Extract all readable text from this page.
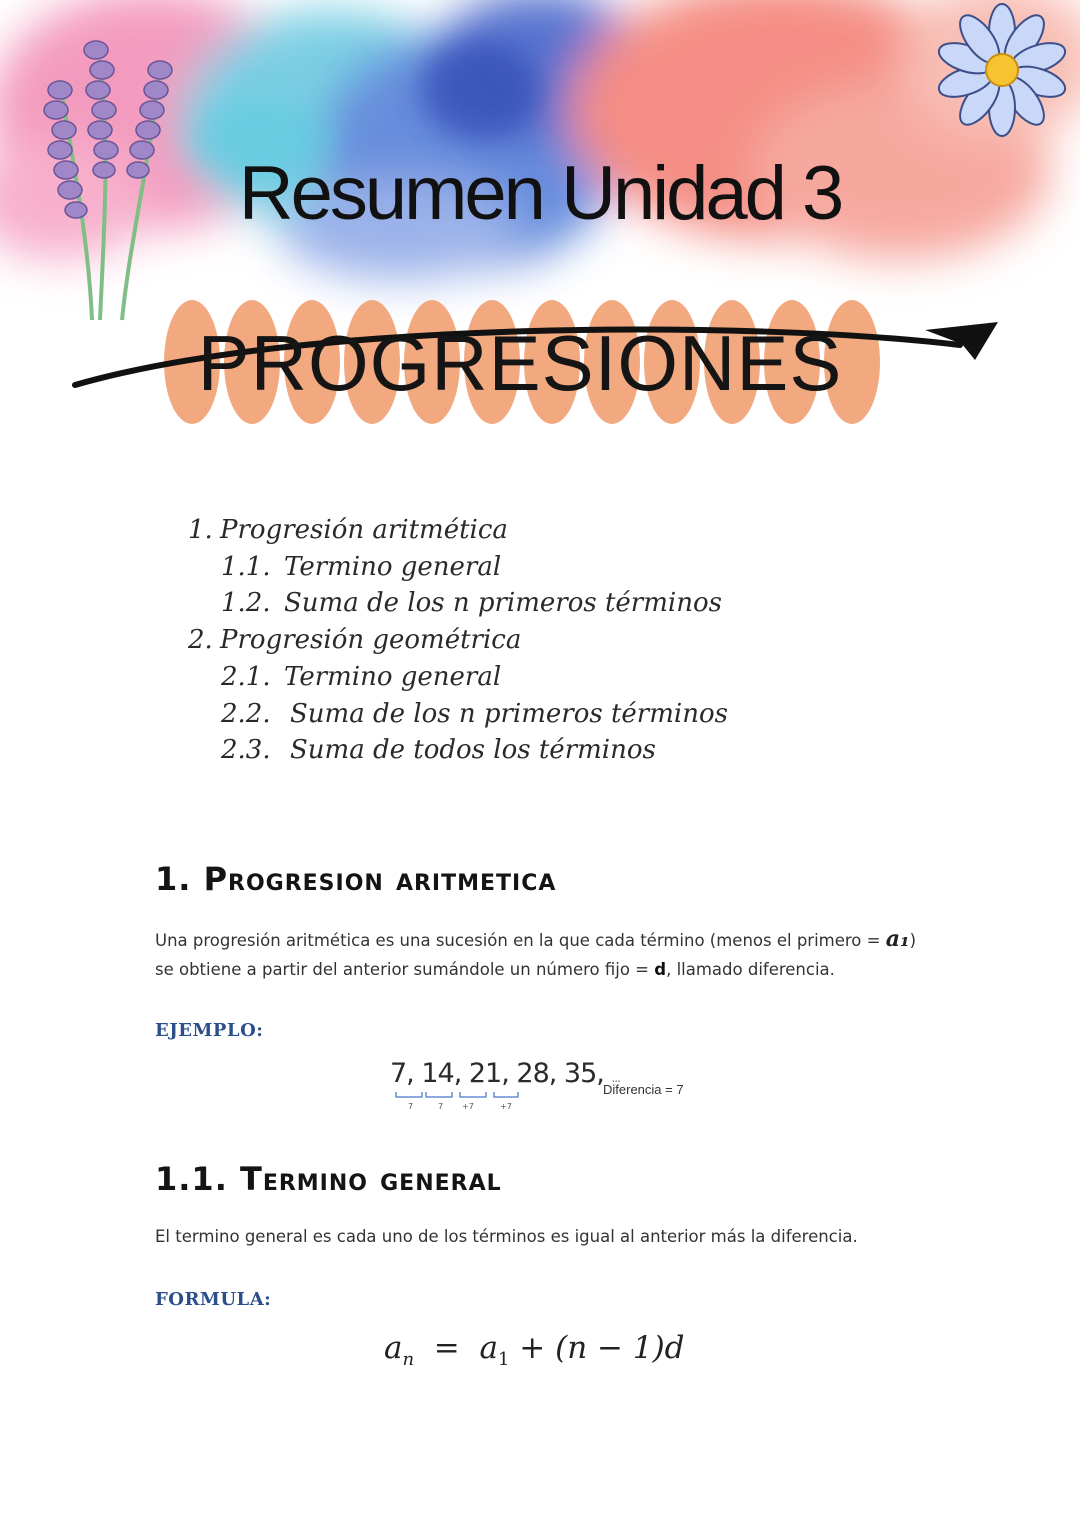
Resumen Unidad 3
PROGRESIONES
1. Progresión aritmética
1.1. Termino general
1.2. Suma de los n primeros términos
2. Progresión geométrica
2.1. Termino general
2.2. Suma de los n primeros términos
2.3. Suma de todos los términos
1. Progresion aritmetica
Una progresión aritmética es una sucesión en la que cada término (menos el primero = a₁)
se obtiene a partir del anterior sumándole un número fijo = d, llamado diferencia.
EJEMPLO:
7, 14, 21, 28, 35, ...
7	7 +7	+7
Diferencia = 7
1.1. Termino general
El termino general es cada uno de los términos es igual al anterior más la diferencia.
FORMULA:
$a_n = a_1 + (n - 1)d$
